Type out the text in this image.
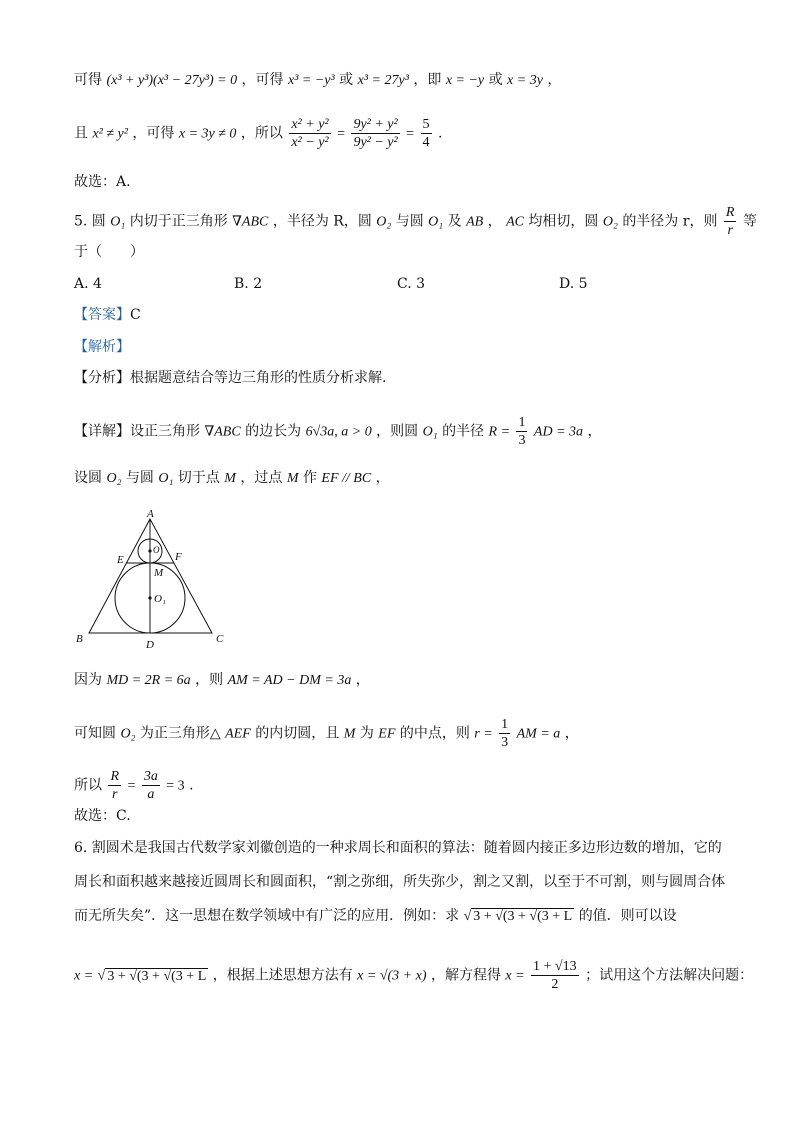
可得 (x³ + y³)(x³ − 27y³) = 0 ，可得 x³ = −y³ 或 x³ = 27y³ ，即 x = −y 或 x = 3y ，
且 x² ≠ y² ，可得 x = 3y ≠ 0 ，所以 $\frac{\text{x² + y²}}{\text{x² − y²}} = \frac{\text{9y² + y²}}{\text{9y² − y²}} = \frac{5}{4}$ .
故选：A.
5. 圆 O₁ 内切于正三角形 ∇ABC ，半径为 R，圆 O₂ 与圆 O₁ 及 AB ， AC 均相切，圆 O₂ 的半径为 r，则 $\frac{R}{r}$ 等
于（　　）
A. 4	B. 2	C. 3	D. 5
【答案】C
【解析】
【分析】根据题意结合等边三角形的性质分析求解.
【详解】设正三角形 ∇ABC 的边长为 6√3a, a > 0 ，则圆 O₁ 的半径 $R = \frac{1}{3}$ AD = 3a ，
设圆 O₂ 与圆 O₁ 切于点 M ，过点 M 作 EF // BC ，
A
B	C
D
E	F
M
O
O₁
因为 MD = 2R = 6a ，则 AM = AD − DM = 3a ，
可知圆 O₂ 为正三角形△ AEF 的内切圆，且 M 为 EF 的中点，则 $r = \frac{1}{3}$ AM = a ，
所以 $\frac{R}{r} = \frac{3a}{a} = 3$ .
故选：C.
6. 割圆术是我国古代数学家刘徽创造的一种求周长和面积的算法：随着圆内接正多边形边数的增加，它的
周长和面积越来越接近圆周长和圆面积，“割之弥细，所失弥少，割之又割，以至于不可割，则与圆周合体
而无所失矣”．这一思想在数学领域中有广泛的应用．例如：求 √ 3 + √(3 + √(3 + L 的值．则可以设
x = √ 3 + √(3 + √(3 + L ，根据上述思想方法有 x = √(3 + x) ，解方程得 $x = \frac{1 + √13}{2}$ ；试用这个方法解决问题：
